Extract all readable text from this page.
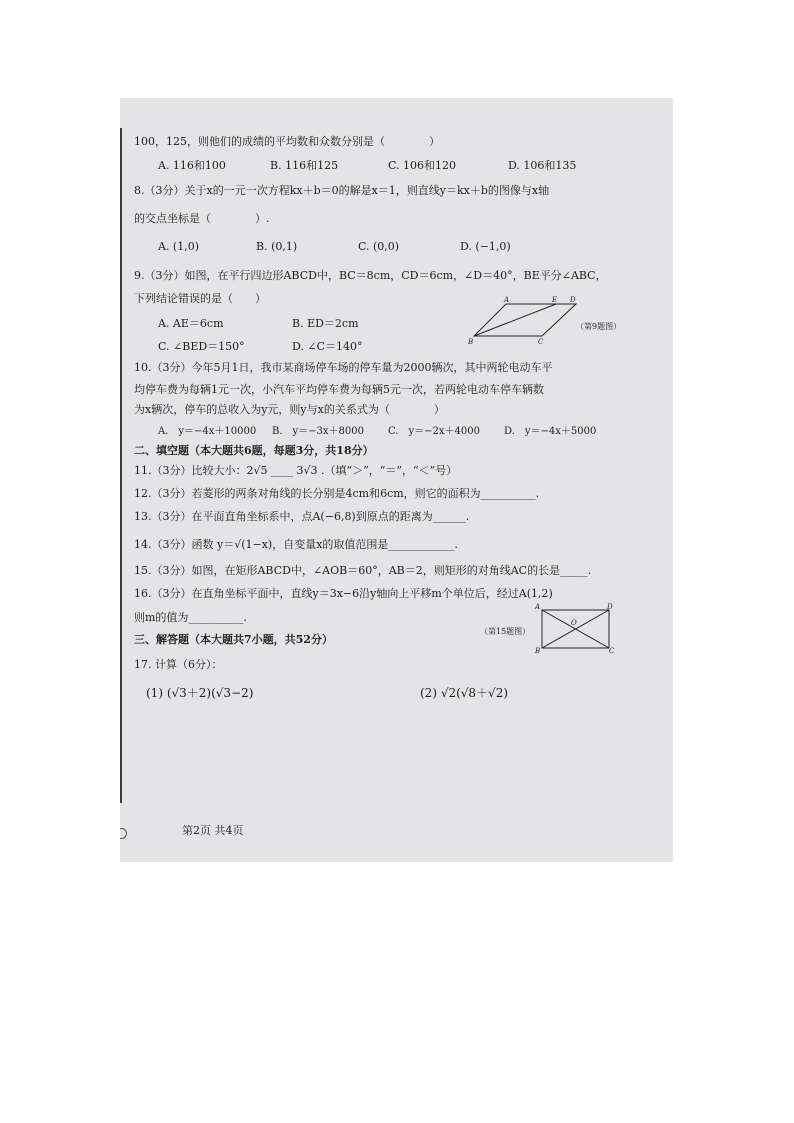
100，125，则他们的成绩的平均数和众数分别是（　　　　）
A. 116和100	B. 116和125	C. 106和120	D. 106和135
8.（3分）关于x的一元一次方程kx＋b＝0的解是x＝1，则直线y＝kx＋b的图像与x轴
的交点坐标是（　　　　）.
A. (1,0)	B. (0,1)	C. (0,0)	D. (−1,0)
9.（3分）如图，在平行四边形ABCD中，BC＝8cm，CD＝6cm，∠D＝40°，BE平分∠ABC，
下列结论错误的是（　　）
A. AE＝6cm	B. ED＝2cm
C. ∠BED＝150°	D. ∠C＝140°
A	E D
B	C
（第9题图）
10.（3分）今年5月1日，我市某商场停车场的停车量为2000辆次，其中两轮电动车平
均停车费为每辆1元一次，小汽车平均停车费为每辆5元一次，若两轮电动车停车辆数
为x辆次，停车的总收入为y元，则y与x的关系式为（　　　　）
A.　y＝−4x＋10000 B.　y＝−3x＋8000 C.　y＝−2x＋4000 D.　y＝−4x＋5000
二、填空题（本大题共6题，每题3分，共18分）
11.（3分）比较大小：2√5 ____ 3√3 .（填“＞”，“＝”，“＜”号）
12.（3分）若菱形的两条对角线的长分别是4cm和6cm，则它的面积为__________.
13.（3分）在平面直角坐标系中，点A(−6,8)到原点的距离为______.
14.（3分）函数 y＝√(1−x)，自变量x的取值范围是____________.
15.（3分）如图，在矩形ABCD中，∠AOB＝60°，AB＝2，则矩形的对角线AC的长是_____.
16.（3分）在直角坐标平面中，直线y＝3x−6沿y轴向上平移m个单位后，经过A(1,2)
则m的值为__________.
（第15题图）
A	D
O
B	C
三、解答题（本大题共7小题，共52分）
17. 计算（6分）：
(1) (√3＋2)(√3−2)	(2) √2(√8＋√2)
第2页 共4页
